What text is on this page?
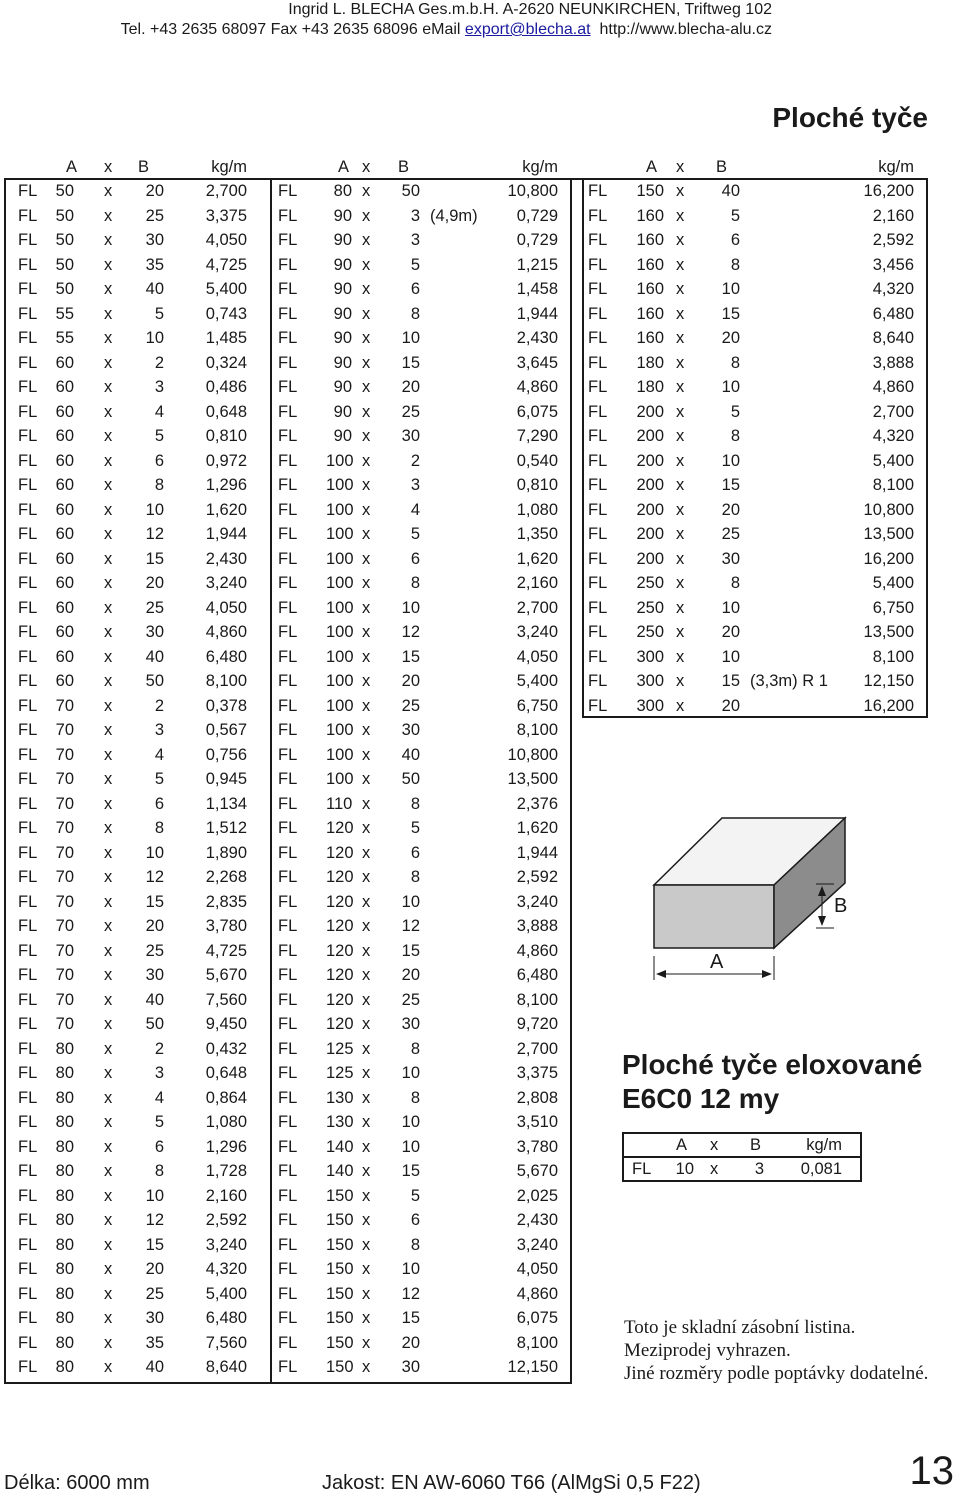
Ingrid L. BLECHA Ges.m.b.H. A-2620 NEUNKIRCHEN, Triftweg 102
Tel. +43 2635 68097 Fax +43 2635 68096 eMail export@blecha.at http://www.blecha-alu.cz
Ploché tyče
A x	B	kg/m	A x	B	kg/m	A x	B	kg/m
FL 50 x	20	2,700
FL 50 x	25	3,375
FL 50 x	30	4,050
FL 50 x	35	4,725
FL 50 x	40	5,400
FL 55 x	5	0,743
FL 55 x	10	1,485
FL 60 x	2	0,324
FL 60 x	3	0,486
FL 60 x	4	0,648
FL 60 x	5	0,810
FL 60 x	6	0,972
FL 60 x	8	1,296
FL 60 x	10	1,620
FL 60 x	12	1,944
FL 60 x	15	2,430
FL 60 x	20	3,240
FL 60 x	25	4,050
FL 60 x	30	4,860
FL 60 x	40	6,480
FL 60 x	50	8,100
FL 70 x	2	0,378
FL 70 x	3	0,567
FL 70 x	4	0,756
FL 70 x	5	0,945
FL 70 x	6	1,134
FL 70 x	8	1,512
FL 70 x	10	1,890
FL 70 x	12	2,268
FL 70 x	15	2,835
FL 70 x	20	3,780
FL 70 x	25	4,725
FL 70 x	30	5,670
FL 70 x	40	7,560
FL 70 x	50	9,450
FL 80 x	2	0,432
FL 80 x	3	0,648
FL 80 x	4	0,864
FL 80 x	5	1,080
FL 80 x	6	1,296
FL 80 x	8	1,728
FL 80 x	10	2,160
FL 80 x	12	2,592
FL 80 x	15	3,240
FL 80 x	20	4,320
FL 80 x	25	5,400
FL 80 x	30	6,480
FL 80 x	35	7,560
FL 80 x	40	8,640
FL	80 x	50	10,800
FL	90 x	3 (4,9m)	0,729
FL	90 x	3	0,729
FL	90 x	5	1,215
FL	90 x	6	1,458
FL	90 x	8	1,944
FL	90 x	10	2,430
FL	90 x	15	3,645
FL	90 x	20	4,860
FL	90 x	25	6,075
FL	90 x	30	7,290
FL 100 x	2	0,540
FL 100 x	3	0,810
FL 100 x	4	1,080
FL 100 x	5	1,350
FL 100 x	6	1,620
FL 100 x	8	2,160
FL 100 x	10	2,700
FL 100 x	12	3,240
FL 100 x	15	4,050
FL 100 x	20	5,400
FL 100 x	25	6,750
FL 100 x	30	8,100
FL 100 x	40	10,800
FL 100 x	50	13,500
FL 110 x	8	2,376
FL 120 x	5	1,620
FL 120 x	6	1,944
FL 120 x	8	2,592
FL 120 x	10	3,240
FL 120 x	12	3,888
FL 120 x	15	4,860
FL 120 x	20	6,480
FL 120 x	25	8,100
FL 120 x	30	9,720
FL 125 x	8	2,700
FL 125 x	10	3,375
FL 130 x	8	2,808
FL 130 x	10	3,510
FL 140 x	10	3,780
FL 140 x	15	5,670
FL 150 x	5	2,025
FL 150 x	6	2,430
FL 150 x	8	3,240
FL 150 x	10	4,050
FL 150 x	12	4,860
FL 150 x	15	6,075
FL 150 x	20	8,100
FL 150 x	30	12,150
FL 150 x	40	16,200
FL 160 x	5	2,160
FL 160 x	6	2,592
FL 160 x	8	3,456
FL 160 x	10	4,320
FL 160 x	15	6,480
FL 160 x	20	8,640
FL 180 x	8	3,888
FL 180 x	10	4,860
FL 200 x	5	2,700
FL 200 x	8	4,320
FL 200 x	10	5,400
FL 200 x	15	8,100
FL 200 x	20	10,800
FL 200 x	25	13,500
FL 200 x	30	16,200
FL 250 x	8	5,400
FL 250 x	10	6,750
FL 250 x	20	13,500
FL 300 x	10	8,100
FL 300 x	15 (3,3m) R 1	12,150
FL 300 x	20	16,200
A
B
Ploché tyče eloxované
E6C0 12 my
A x B	kg/m
FL	10 x	3	0,081
Toto je skladní zásobní listina.
Meziprodej vyhrazen.
Jiné rozměry podle poptávky dodatelné.
Délka: 6000 mm	Jakost: EN AW-6060 T66 (AlMgSi 0,5 F22)	13
